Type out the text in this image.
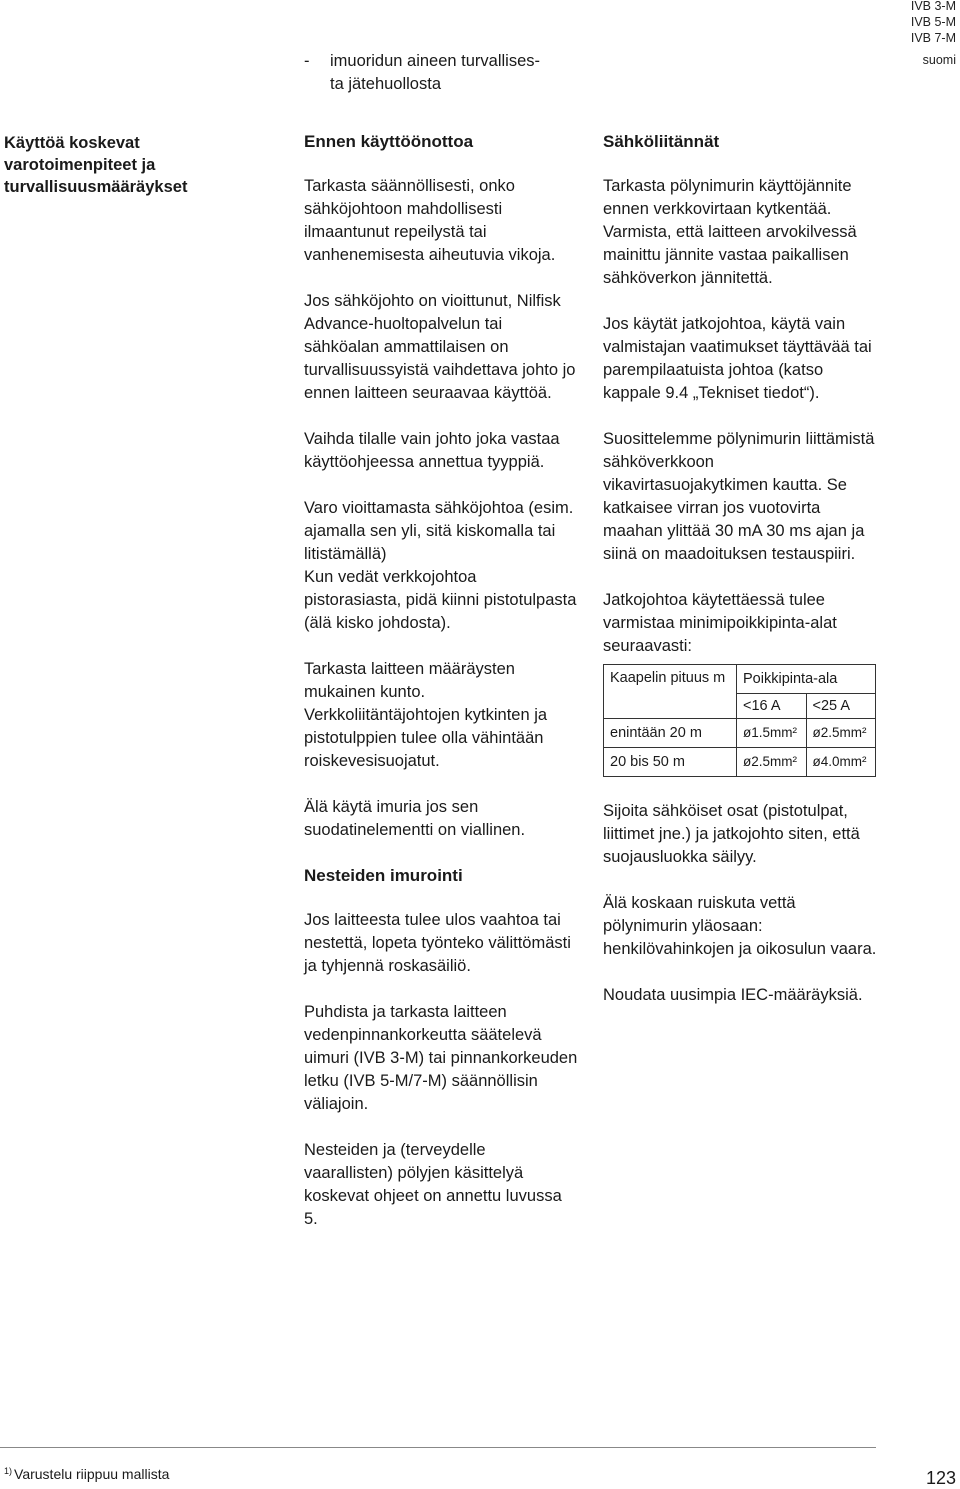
IVB 3-M
IVB 5-M
IVB 7-M
suomi
-	imuoridun aineen turvallises-
ta jätehuollosta
Käyttöä koskevat varotoimenpiteet ja turvallisuusmääräykset
Ennen käyttöönottoa

Tarkasta säännöllisesti, onko sähköjohtoon mahdollisesti ilmaantunut repeilystä tai vanhenemisesta aiheutuvia vikoja.

Jos sähköjohto on vioittunut, Nilfisk Advance-huoltopalvelun tai sähköalan ammattilaisen on turvallisuussyistä vaihdettava johto jo ennen laitteen seuraavaa käyttöä.

Vaihda tilalle vain johto joka vastaa käyttöohjeessa annettua tyyppiä.

Varo vioittamasta sähköjohtoa (esim. ajamalla sen yli, sitä kiskomalla tai litistämällä)

Kun vedät verkkojohtoa pistorasiasta, pidä kiinni pistotulpasta (älä kisko johdosta).

Tarkasta laitteen määräysten mukainen kunto. Verkkoliitäntäjohtojen kytkinten ja pistotulppien tulee olla vähintään roiskevesisuojatut.

Älä käytä imuria jos sen suodatinelementti on viallinen.

Nesteiden imurointi

Jos laitteesta tulee ulos vaahtoa tai nestettä, lopeta työnteko välittömästi ja tyhjennä roskasäiliö.

Puhdista ja tarkasta laitteen vedenpinnankorkeutta säätelevä uimuri (IVB 3-M) tai pinnankorkeuden letku (IVB 5-M/7-M) säännöllisin väliajoin.

Nesteiden ja (terveydelle vaarallisten) pölyjen käsittelyä koskevat ohjeet on annettu luvussa 5.

Sähköliitännät

Tarkasta pölynimurin käyttöjännite ennen verkkovirtaan kytkentää. Varmista, että laitteen arvokilvessä mainittu jännite vastaa paikallisen sähköverkon jännitettä.

Jos käytät jatkojohtoa, käytä vain valmistajan vaatimukset täyttävää tai parempilaatuista johtoa (katso kappale 9.4 „Tekniset tiedot“).

Suosittelemme pölynimurin liittämistä sähköverkkoon vikavirtasuojakytkimen kautta. Se katkaisee virran jos vuotovirta maahan ylittää 30 mA 30 ms ajan ja siinä on maadoituksen testauspiiri.

Jatkojohtoa käytettäessä tulee varmistaa minimipoikkipinta-alat seuraavasti:

Kaapelin pituus m	Poikkipinta-ala	
	<16 A	<25 A
enintään 20 m	ø1.5mm²	ø2.5mm²
20 bis 50 m	ø2.5mm²	ø4.0mm²

Sijoita sähköiset osat (pistotulpat, liittimet jne.) ja jatkojohto siten, että suojausluokka säilyy.

Älä koskaan ruiskuta vettä pölynimurin yläosaan: henkilövahinkojen ja oikosulun vaara.

Noudata uusimpia IEC-määräyksiä.

$^{1)}$ Varustelu riippuu mallista	123
